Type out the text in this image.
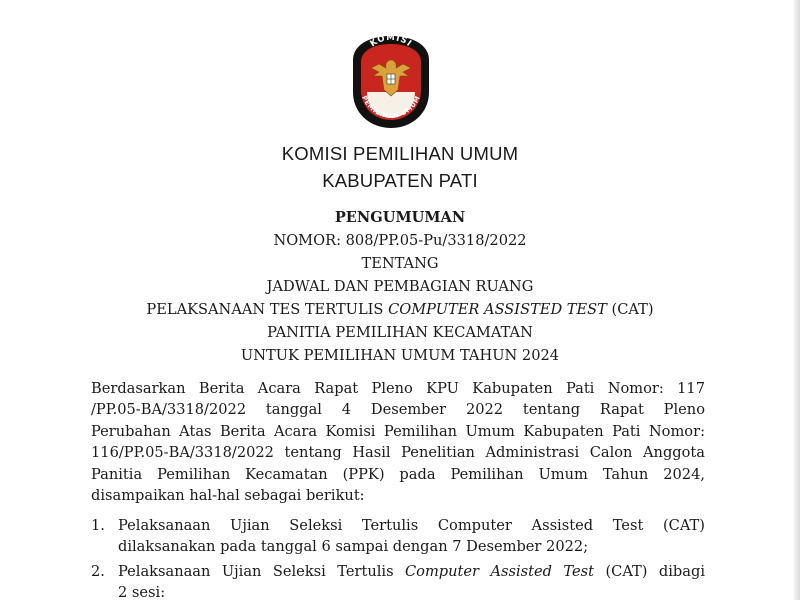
KOMISI
PEMILIHAN UMUM
KOMISI PEMILIHAN UMUM
KABUPATEN PATI
PENGUMUMAN
NOMOR: 808/PP.05-Pu/3318/2022
TENTANG
JADWAL DAN PEMBAGIAN RUANG
PELAKSANAAN TES TERTULIS COMPUTER ASSISTED TEST (CAT)
PANITIA PEMILIHAN KECAMATAN
UNTUK PEMILIHAN UMUM TAHUN 2024
Berdasarkan Berita Acara Rapat Pleno KPU Kabupaten Pati Nomor: 117
/PP.05-BA/3318/2022 tanggal 4 Desember 2022 tentang Rapat Pleno
Perubahan Atas Berita Acara Komisi Pemilihan Umum Kabupaten Pati Nomor:
116/PP.05-BA/3318/2022 tentang Hasil Penelitian Administrasi Calon Anggota
Panitia Pemilihan Kecamatan (PPK) pada Pemilihan Umum Tahun 2024,
disampaikan hal-hal sebagai berikut:
1. Pelaksanaan Ujian Seleksi Tertulis Computer Assisted Test (CAT)
dilaksanakan pada tanggal 6 sampai dengan 7 Desember 2022;
2. Pelaksanaan Ujian Seleksi Tertulis Computer Assisted Test (CAT) dibagi
2 sesi:
